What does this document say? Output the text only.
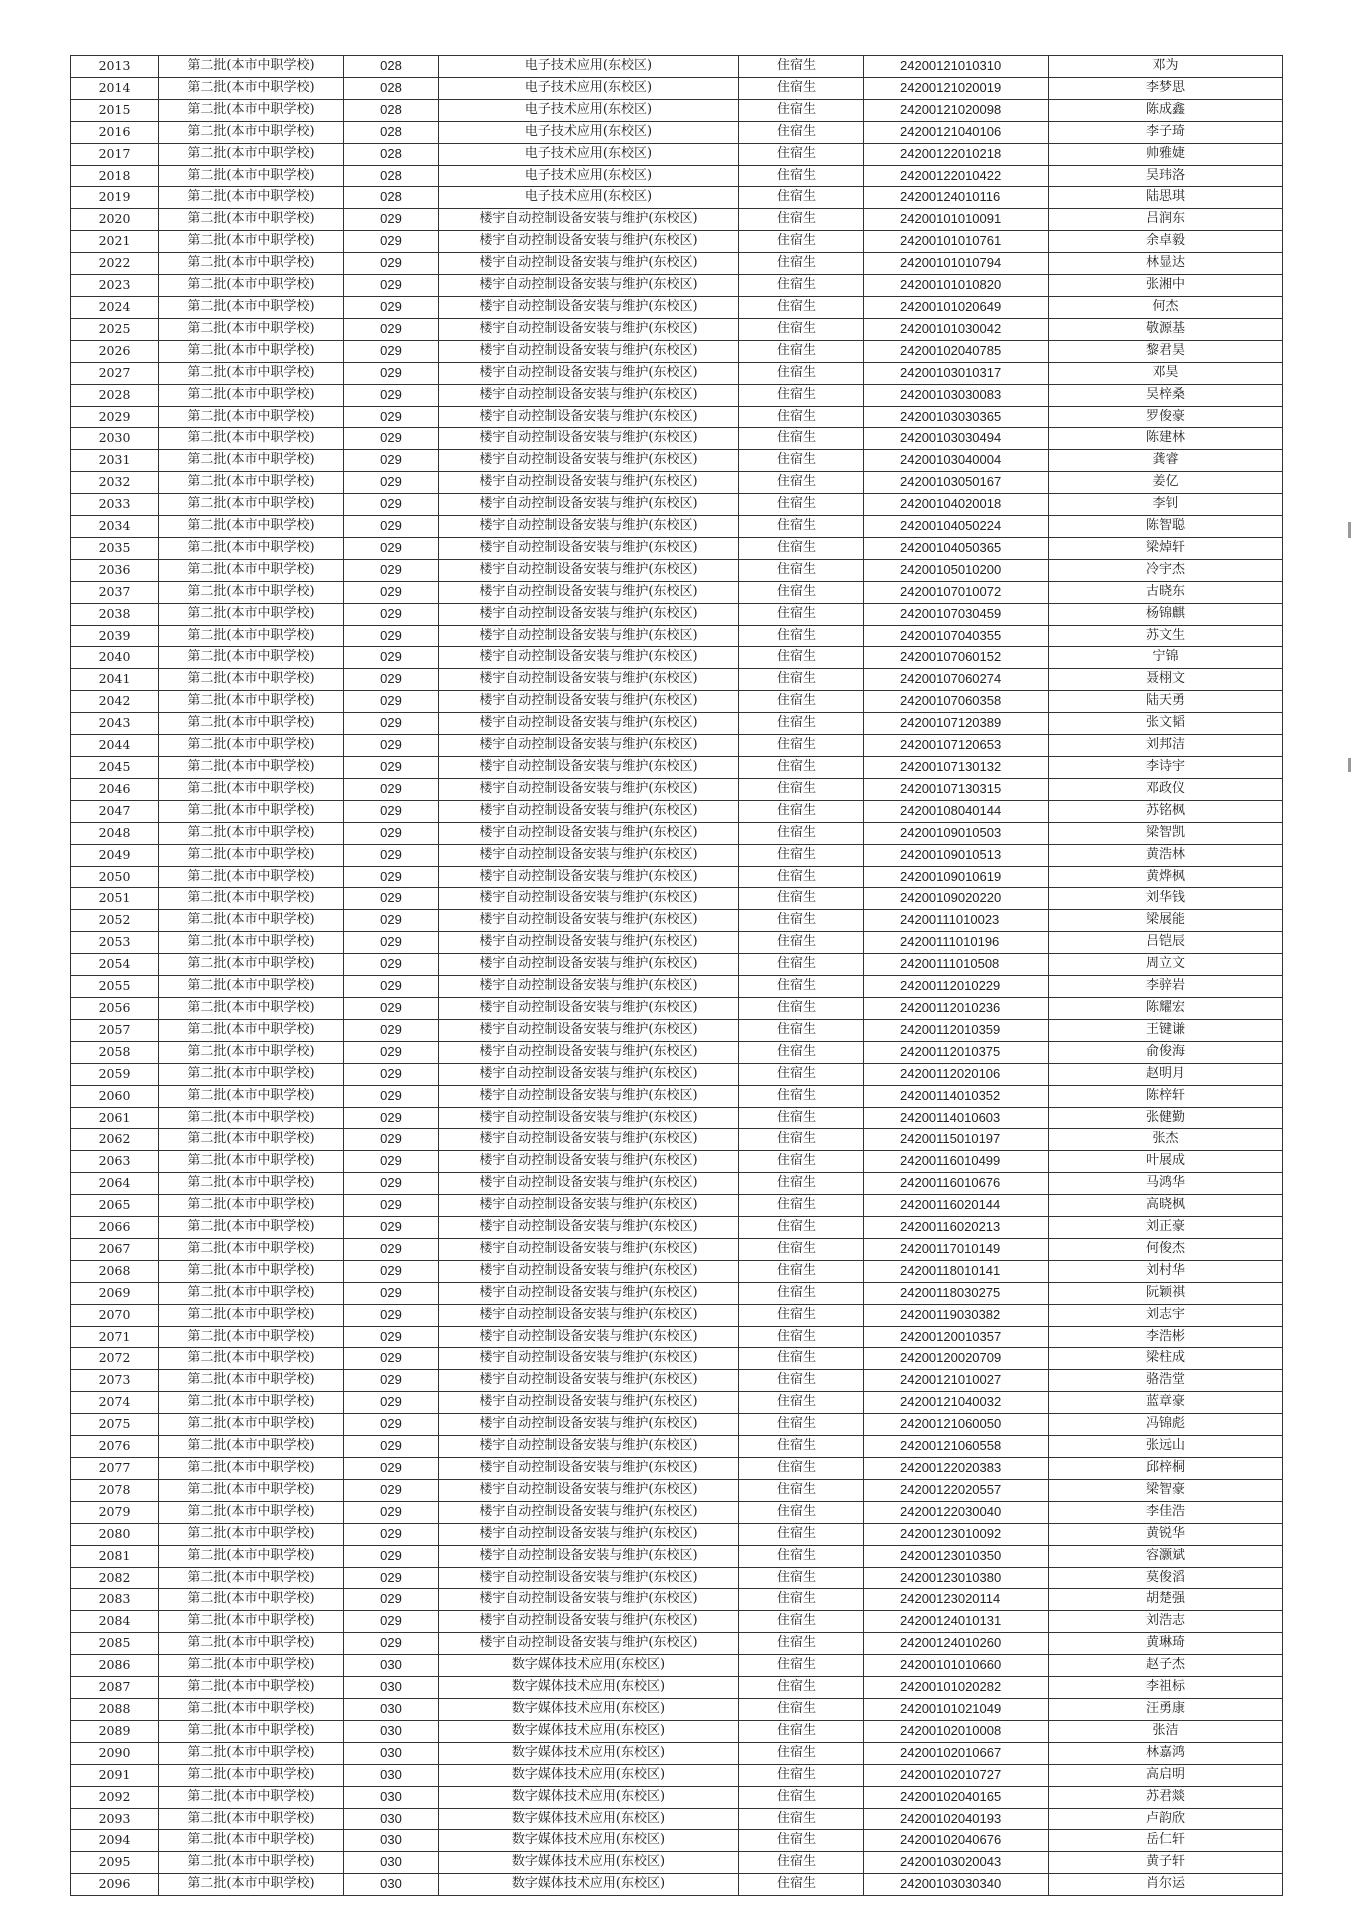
2013	第二批(本市中职学校)	028	电子技术应用(东校区)	住宿生	24200121010310	邓为
2014	第二批(本市中职学校)	028	电子技术应用(东校区)	住宿生	24200121020019	李梦思
2015	第二批(本市中职学校)	028	电子技术应用(东校区)	住宿生	24200121020098	陈成鑫
2016	第二批(本市中职学校)	028	电子技术应用(东校区)	住宿生	24200121040106	李子琦
2017	第二批(本市中职学校)	028	电子技术应用(东校区)	住宿生	24200122010218	帅雅婕
2018	第二批(本市中职学校)	028	电子技术应用(东校区)	住宿生	24200122010422	吴玮洛
2019	第二批(本市中职学校)	028	电子技术应用(东校区)	住宿生	24200124010116	陆思琪
2020	第二批(本市中职学校)	029	楼宇自动控制设备安装与维护(东校区)	住宿生	24200101010091	吕润东
2021	第二批(本市中职学校)	029	楼宇自动控制设备安装与维护(东校区)	住宿生	24200101010761	余卓毅
2022	第二批(本市中职学校)	029	楼宇自动控制设备安装与维护(东校区)	住宿生	24200101010794	林显达
2023	第二批(本市中职学校)	029	楼宇自动控制设备安装与维护(东校区)	住宿生	24200101010820	张湘中
2024	第二批(本市中职学校)	029	楼宇自动控制设备安装与维护(东校区)	住宿生	24200101020649	何杰
2025	第二批(本市中职学校)	029	楼宇自动控制设备安装与维护(东校区)	住宿生	24200101030042	敬源基
2026	第二批(本市中职学校)	029	楼宇自动控制设备安装与维护(东校区)	住宿生	24200102040785	黎君昊
2027	第二批(本市中职学校)	029	楼宇自动控制设备安装与维护(东校区)	住宿生	24200103010317	邓昊
2028	第二批(本市中职学校)	029	楼宇自动控制设备安装与维护(东校区)	住宿生	24200103030083	吴梓桑
2029	第二批(本市中职学校)	029	楼宇自动控制设备安装与维护(东校区)	住宿生	24200103030365	罗俊豪
2030	第二批(本市中职学校)	029	楼宇自动控制设备安装与维护(东校区)	住宿生	24200103030494	陈建林
2031	第二批(本市中职学校)	029	楼宇自动控制设备安装与维护(东校区)	住宿生	24200103040004	龚睿
2032	第二批(本市中职学校)	029	楼宇自动控制设备安装与维护(东校区)	住宿生	24200103050167	姜亿
2033	第二批(本市中职学校)	029	楼宇自动控制设备安装与维护(东校区)	住宿生	24200104020018	李钊
2034	第二批(本市中职学校)	029	楼宇自动控制设备安装与维护(东校区)	住宿生	24200104050224	陈智聪
2035	第二批(本市中职学校)	029	楼宇自动控制设备安装与维护(东校区)	住宿生	24200104050365	梁焯轩
2036	第二批(本市中职学校)	029	楼宇自动控制设备安装与维护(东校区)	住宿生	24200105010200	冷宇杰
2037	第二批(本市中职学校)	029	楼宇自动控制设备安装与维护(东校区)	住宿生	24200107010072	古晓东
2038	第二批(本市中职学校)	029	楼宇自动控制设备安装与维护(东校区)	住宿生	24200107030459	杨锦麒
2039	第二批(本市中职学校)	029	楼宇自动控制设备安装与维护(东校区)	住宿生	24200107040355	苏文生
2040	第二批(本市中职学校)	029	楼宇自动控制设备安装与维护(东校区)	住宿生	24200107060152	宁锦
2041	第二批(本市中职学校)	029	楼宇自动控制设备安装与维护(东校区)	住宿生	24200107060274	聂栩文
2042	第二批(本市中职学校)	029	楼宇自动控制设备安装与维护(东校区)	住宿生	24200107060358	陆天勇
2043	第二批(本市中职学校)	029	楼宇自动控制设备安装与维护(东校区)	住宿生	24200107120389	张文韬
2044	第二批(本市中职学校)	029	楼宇自动控制设备安装与维护(东校区)	住宿生	24200107120653	刘邦洁
2045	第二批(本市中职学校)	029	楼宇自动控制设备安装与维护(东校区)	住宿生	24200107130132	李诗宇
2046	第二批(本市中职学校)	029	楼宇自动控制设备安装与维护(东校区)	住宿生	24200107130315	邓政仪
2047	第二批(本市中职学校)	029	楼宇自动控制设备安装与维护(东校区)	住宿生	24200108040144	苏铭枫
2048	第二批(本市中职学校)	029	楼宇自动控制设备安装与维护(东校区)	住宿生	24200109010503	梁智凯
2049	第二批(本市中职学校)	029	楼宇自动控制设备安装与维护(东校区)	住宿生	24200109010513	黄浩林
2050	第二批(本市中职学校)	029	楼宇自动控制设备安装与维护(东校区)	住宿生	24200109010619	黄烨枫
2051	第二批(本市中职学校)	029	楼宇自动控制设备安装与维护(东校区)	住宿生	24200109020220	刘华钱
2052	第二批(本市中职学校)	029	楼宇自动控制设备安装与维护(东校区)	住宿生	24200111010023	梁展能
2053	第二批(本市中职学校)	029	楼宇自动控制设备安装与维护(东校区)	住宿生	24200111010196	吕铠辰
2054	第二批(本市中职学校)	029	楼宇自动控制设备安装与维护(东校区)	住宿生	24200111010508	周立文
2055	第二批(本市中职学校)	029	楼宇自动控制设备安装与维护(东校区)	住宿生	24200112010229	李骍岩
2056	第二批(本市中职学校)	029	楼宇自动控制设备安装与维护(东校区)	住宿生	24200112010236	陈耀宏
2057	第二批(本市中职学校)	029	楼宇自动控制设备安装与维护(东校区)	住宿生	24200112010359	王键谦
2058	第二批(本市中职学校)	029	楼宇自动控制设备安装与维护(东校区)	住宿生	24200112010375	俞俊海
2059	第二批(本市中职学校)	029	楼宇自动控制设备安装与维护(东校区)	住宿生	24200112020106	赵明月
2060	第二批(本市中职学校)	029	楼宇自动控制设备安装与维护(东校区)	住宿生	24200114010352	陈梓轩
2061	第二批(本市中职学校)	029	楼宇自动控制设备安装与维护(东校区)	住宿生	24200114010603	张健勤
2062	第二批(本市中职学校)	029	楼宇自动控制设备安装与维护(东校区)	住宿生	24200115010197	张杰
2063	第二批(本市中职学校)	029	楼宇自动控制设备安装与维护(东校区)	住宿生	24200116010499	叶展成
2064	第二批(本市中职学校)	029	楼宇自动控制设备安装与维护(东校区)	住宿生	24200116010676	马鸿华
2065	第二批(本市中职学校)	029	楼宇自动控制设备安装与维护(东校区)	住宿生	24200116020144	高晓枫
2066	第二批(本市中职学校)	029	楼宇自动控制设备安装与维护(东校区)	住宿生	24200116020213	刘正豪
2067	第二批(本市中职学校)	029	楼宇自动控制设备安装与维护(东校区)	住宿生	24200117010149	何俊杰
2068	第二批(本市中职学校)	029	楼宇自动控制设备安装与维护(东校区)	住宿生	24200118010141	刘村华
2069	第二批(本市中职学校)	029	楼宇自动控制设备安装与维护(东校区)	住宿生	24200118030275	阮颖祺
2070	第二批(本市中职学校)	029	楼宇自动控制设备安装与维护(东校区)	住宿生	24200119030382	刘志宇
2071	第二批(本市中职学校)	029	楼宇自动控制设备安装与维护(东校区)	住宿生	24200120010357	李浩彬
2072	第二批(本市中职学校)	029	楼宇自动控制设备安装与维护(东校区)	住宿生	24200120020709	梁柱成
2073	第二批(本市中职学校)	029	楼宇自动控制设备安装与维护(东校区)	住宿生	24200121010027	骆浩堂
2074	第二批(本市中职学校)	029	楼宇自动控制设备安装与维护(东校区)	住宿生	24200121040032	蓝章豪
2075	第二批(本市中职学校)	029	楼宇自动控制设备安装与维护(东校区)	住宿生	24200121060050	冯锦彪
2076	第二批(本市中职学校)	029	楼宇自动控制设备安装与维护(东校区)	住宿生	24200121060558	张远山
2077	第二批(本市中职学校)	029	楼宇自动控制设备安装与维护(东校区)	住宿生	24200122020383	邱梓桐
2078	第二批(本市中职学校)	029	楼宇自动控制设备安装与维护(东校区)	住宿生	24200122020557	梁智豪
2079	第二批(本市中职学校)	029	楼宇自动控制设备安装与维护(东校区)	住宿生	24200122030040	李佳浩
2080	第二批(本市中职学校)	029	楼宇自动控制设备安装与维护(东校区)	住宿生	24200123010092	黄锐华
2081	第二批(本市中职学校)	029	楼宇自动控制设备安装与维护(东校区)	住宿生	24200123010350	容灏斌
2082	第二批(本市中职学校)	029	楼宇自动控制设备安装与维护(东校区)	住宿生	24200123010380	莫俊滔
2083	第二批(本市中职学校)	029	楼宇自动控制设备安装与维护(东校区)	住宿生	24200123020114	胡楚强
2084	第二批(本市中职学校)	029	楼宇自动控制设备安装与维护(东校区)	住宿生	24200124010131	刘浩志
2085	第二批(本市中职学校)	029	楼宇自动控制设备安装与维护(东校区)	住宿生	24200124010260	黄琳琦
2086	第二批(本市中职学校)	030	数字媒体技术应用(东校区)	住宿生	24200101010660	赵子杰
2087	第二批(本市中职学校)	030	数字媒体技术应用(东校区)	住宿生	24200101020282	李祖标
2088	第二批(本市中职学校)	030	数字媒体技术应用(东校区)	住宿生	24200101021049	汪勇康
2089	第二批(本市中职学校)	030	数字媒体技术应用(东校区)	住宿生	24200102010008	张洁
2090	第二批(本市中职学校)	030	数字媒体技术应用(东校区)	住宿生	24200102010667	林嘉鸿
2091	第二批(本市中职学校)	030	数字媒体技术应用(东校区)	住宿生	24200102010727	高启明
2092	第二批(本市中职学校)	030	数字媒体技术应用(东校区)	住宿生	24200102040165	苏君燚
2093	第二批(本市中职学校)	030	数字媒体技术应用(东校区)	住宿生	24200102040193	卢韵欣
2094	第二批(本市中职学校)	030	数字媒体技术应用(东校区)	住宿生	24200102040676	岳仁轩
2095	第二批(本市中职学校)	030	数字媒体技术应用(东校区)	住宿生	24200103020043	黄子轩
2096	第二批(本市中职学校)	030	数字媒体技术应用(东校区)	住宿生	24200103030340	肖尔运
